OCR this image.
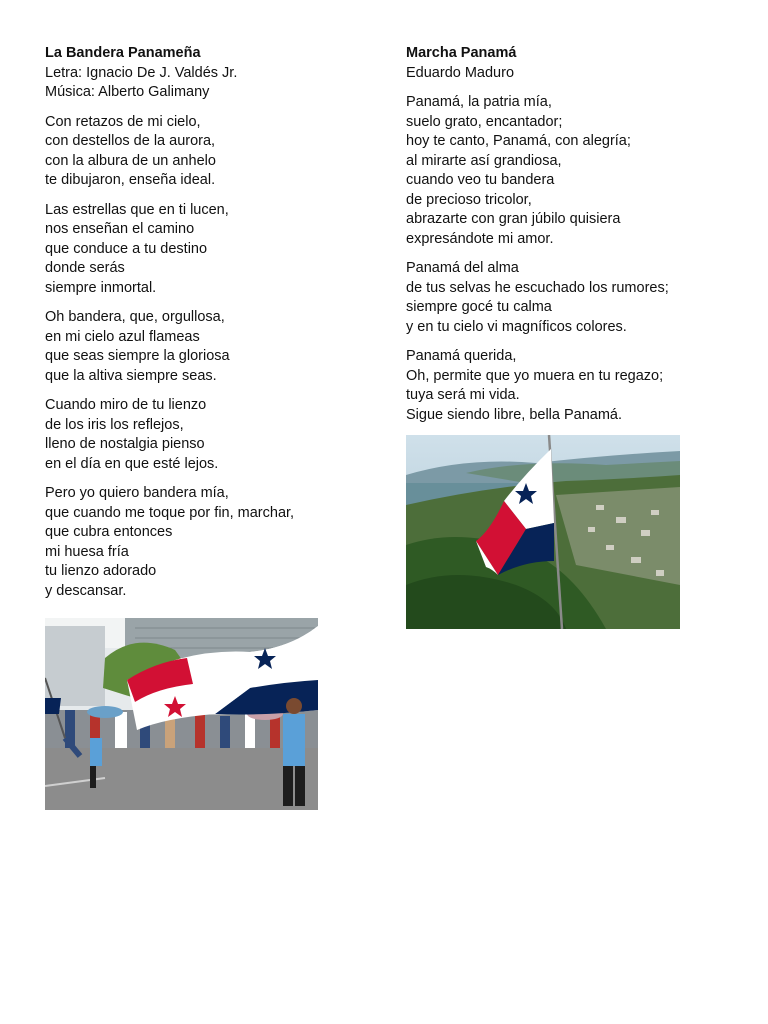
La Bandera Panameña

Letra: Ignacio De J. Valdés Jr.

Música: Alberto Galimany

Con retazos de mi cielo,
con destellos de la aurora,
con la albura de un anhelo
te dibujaron, enseña ideal.
Las estrellas que en ti lucen,
nos enseñan el camino
que conduce a tu destino
donde serás
siempre inmortal.
Oh bandera, que, orgullosa,
en mi cielo azul flameas
que seas siempre la gloriosa
que la altiva siempre seas.
Cuando miro de tu lienzo
de los iris los reflejos,
lleno de nostalgia pienso
en el día en que esté lejos.
Pero yo quiero bandera mía,
que cuando me toque por fin, marchar,
que cubra entonces
mi huesa fría
tu lienzo adorado
y descansar.

Marcha Panamá

Eduardo Maduro

Panamá, la patria mía,
suelo grato, encantador;
hoy te canto, Panamá, con alegría;
al mirarte así grandiosa,
cuando veo tu bandera
de precioso tricolor,
abrazarte con gran júbilo quisiera
expresándote mi amor.
Panamá del alma
de tus selvas he escuchado los rumores;
siempre gocé tu calma
y en tu cielo vi magníficos colores.
Panamá querida,
Oh, permite que yo muera en tu regazo;
tuya será mi vida.
Sigue siendo libre, bella Panamá.
